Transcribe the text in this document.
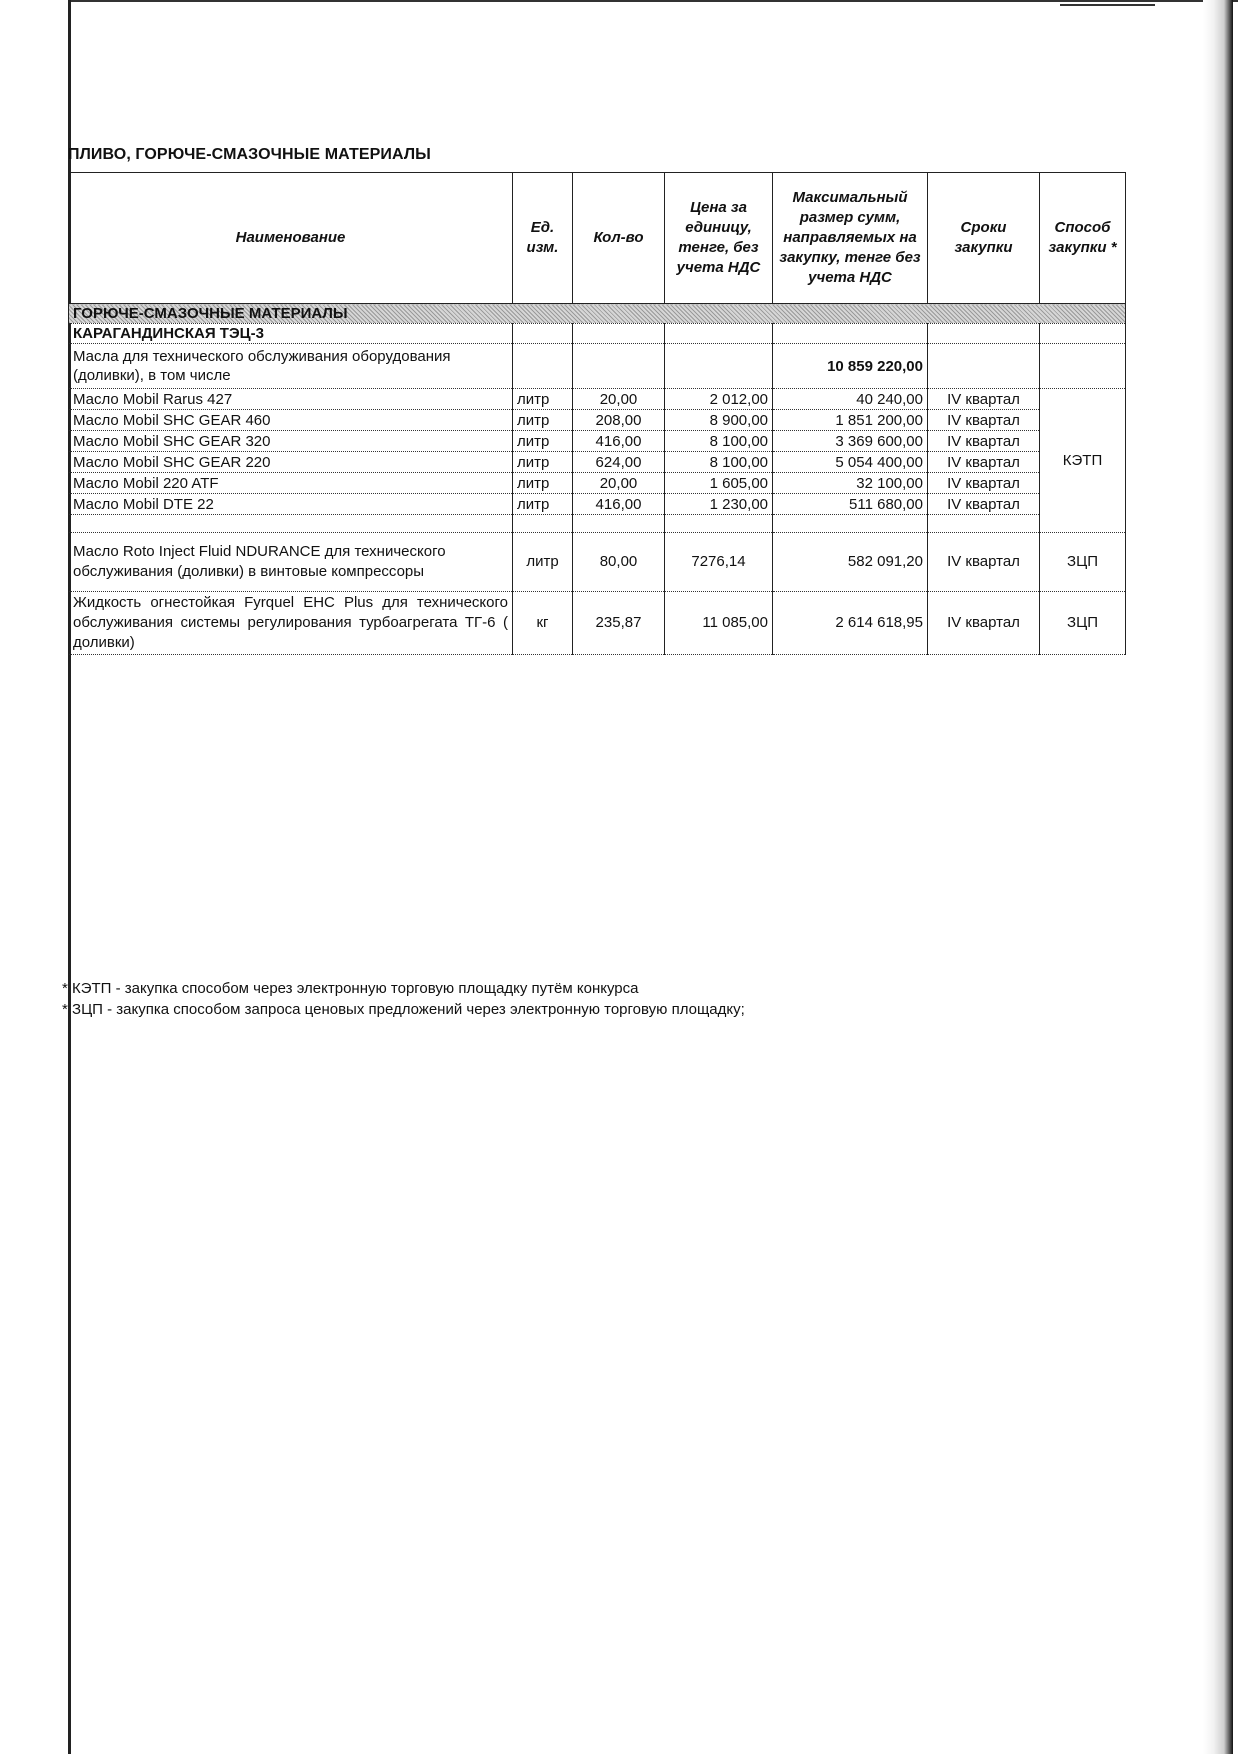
ПЛИВО, ГОРЮЧЕ-СМАЗОЧНЫЕ МАТЕРИАЛЫ
Наименование	Ед. изм.	Кол-во	Цена за единицу, тенге, без учета НДС	Максимальный размер сумм, направляемых на закупку, тенге без учета НДС	Сроки закупки	Способ закупки *
ГОРЮЧЕ-СМАЗОЧНЫЕ МАТЕРИАЛЫ						
КАРАГАНДИНСКАЯ ТЭЦ-3						
Масла для технического обслуживания оборудования (доливки), в том числе				10 859 220,00		
Масло Mobil Rarus 427	литр	20,00	2 012,00	40 240,00	IV квартал	КЭТП
Масло Mobil SHC GEAR 460	литр	208,00	8 900,00	1 851 200,00	IV квартал	
Масло Mobil SHC GEAR 320	литр	416,00	8 100,00	3 369 600,00	IV квартал	
Масло Mobil SHC GEAR 220	литр	624,00	8 100,00	5 054 400,00	IV квартал	
Масло Mobil 220 ATF	литр	20,00	1 605,00	32 100,00	IV квартал	
Масло Mobil DTE 22	литр	416,00	1 230,00	511 680,00	IV квартал	

Масло Roto Inject Fluid NDURANCE для технического обслуживания (доливки) в винтовые компрессоры	литр	80,00	7276,14	582 091,20	IV квартал	ЗЦП
Жидкость огнестойкая Fyrquel EHC Plus для технического обслуживания системы регулирования турбоагрегата ТГ-6 ( доливки)	кг	235,87	11 085,00	2 614 618,95	IV квартал	ЗЦП
* КЭТП - закупка способом через электронную торговую площадку путём конкурса
* ЗЦП - закупка способом запроса ценовых предложений через электронную торговую площадку;
